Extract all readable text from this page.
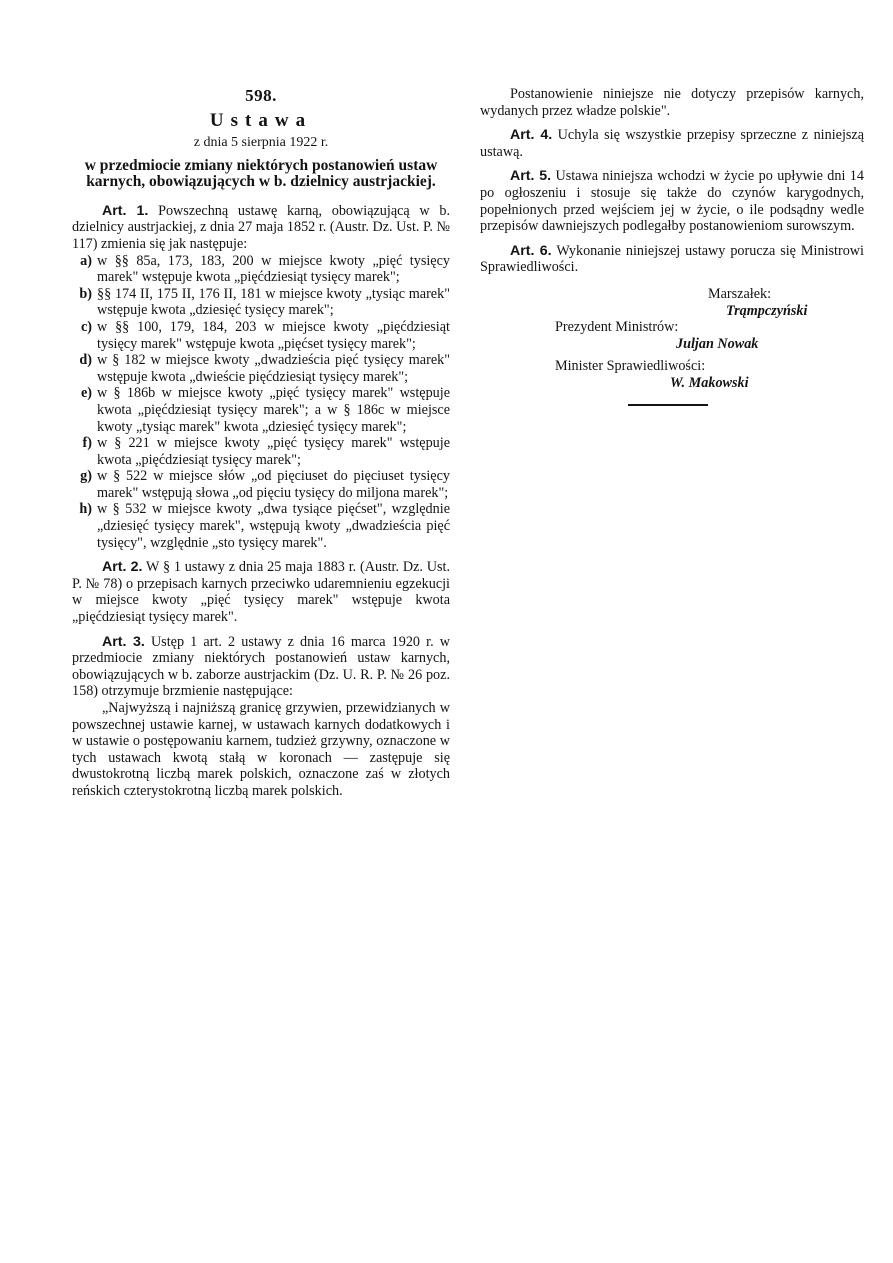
598.

Ustawa

z dnia 5 sierpnia 1922 r.

w przedmiocie zmiany niektórych postanowień ustaw karnych, obowiązujących w b. dzielnicy austrjackiej.

Art. 1. Powszechną ustawę karną, obowiązującą w b. dzielnicy austrjackiej, z dnia 27 maja 1852 r. (Austr. Dz. Ust. P. № 117) zmienia się jak następuje:

a) w §§ 85a, 173, 183, 200 w miejsce kwoty „pięć tysięcy marek" wstępuje kwota „pięćdziesiąt tysięcy marek";
b) §§ 174 II, 175 II, 176 II, 181 w miejsce kwoty „tysiąc marek" wstępuje kwota „dziesięć tysięcy marek";
c) w §§ 100, 179, 184, 203 w miejsce kwoty „pięćdziesiąt tysięcy marek" wstępuje kwota „pięćset tysięcy marek";
d) w § 182 w miejsce kwoty „dwadzieścia pięć tysięcy marek" wstępuje kwota „dwieście pięćdziesiąt tysięcy marek";
e) w § 186b w miejsce kwoty „pięć tysięcy marek" wstępuje kwota „pięćdziesiąt tysięcy marek"; a w § 186c w miejsce kwoty „tysiąc marek" kwota „dziesięć tysięcy marek";
f) w § 221 w miejsce kwoty „pięć tysięcy marek" wstępuje kwota „pięćdziesiąt tysięcy marek";
g) w § 522 w miejsce słów „od pięciuset do pięciuset tysięcy marek" wstępują słowa „od pięciu tysięcy do miljona marek";
h) w § 532 w miejsce kwoty „dwa tysiące pięćset", względnie „dziesięć tysięcy marek", wstępują kwoty „dwadzieścia pięć tysięcy", względnie „sto tysięcy marek".

Art. 2. W § 1 ustawy z dnia 25 maja 1883 r. (Austr. Dz. Ust. P. № 78) o przepisach karnych przeciwko udaremnieniu egzekucji w miejsce kwoty „pięć tysięcy marek" wstępuje kwota „pięćdziesiąt tysięcy marek".

Art. 3. Ustęp 1 art. 2 ustawy z dnia 16 marca 1920 r. w przedmiocie zmiany niektórych postanowień ustaw karnych, obowiązujących w b. zaborze austrjackim (Dz. U. R. P. № 26 poz. 158) otrzymuje brzmienie następujące:

„Najwyższą i najniższą granicę grzywien, przewidzianych w powszechnej ustawie karnej, w ustawach karnych dodatkowych i w ustawie o postępowaniu karnem, tudzież grzywny, oznaczone w tych ustawach kwotą stałą w koronach — zastępuje się dwustokrotną liczbą marek polskich, oznaczone zaś w złotych reńskich czterystokrotną liczbą marek polskich.

Postanowienie niniejsze nie dotyczy przepisów karnych, wydanych przez władze polskie".

Art. 4. Uchyla się wszystkie przepisy sprzeczne z niniejszą ustawą.

Art. 5. Ustawa niniejsza wchodzi w życie po upływie dni 14 po ogłoszeniu i stosuje się także do czynów karygodnych, popełnionych przed wejściem jej w życie, o ile podsądny wedle przepisów dawniejszych podlegałby postanowieniom surowszym.

Art. 6. Wykonanie niniejszej ustawy porucza się Ministrowi Sprawiedliwości.

Marszałek:
Trąmpczyński
Prezydent Ministrów:
Juljan Nowak
Minister Sprawiedliwości:
W. Makowski
